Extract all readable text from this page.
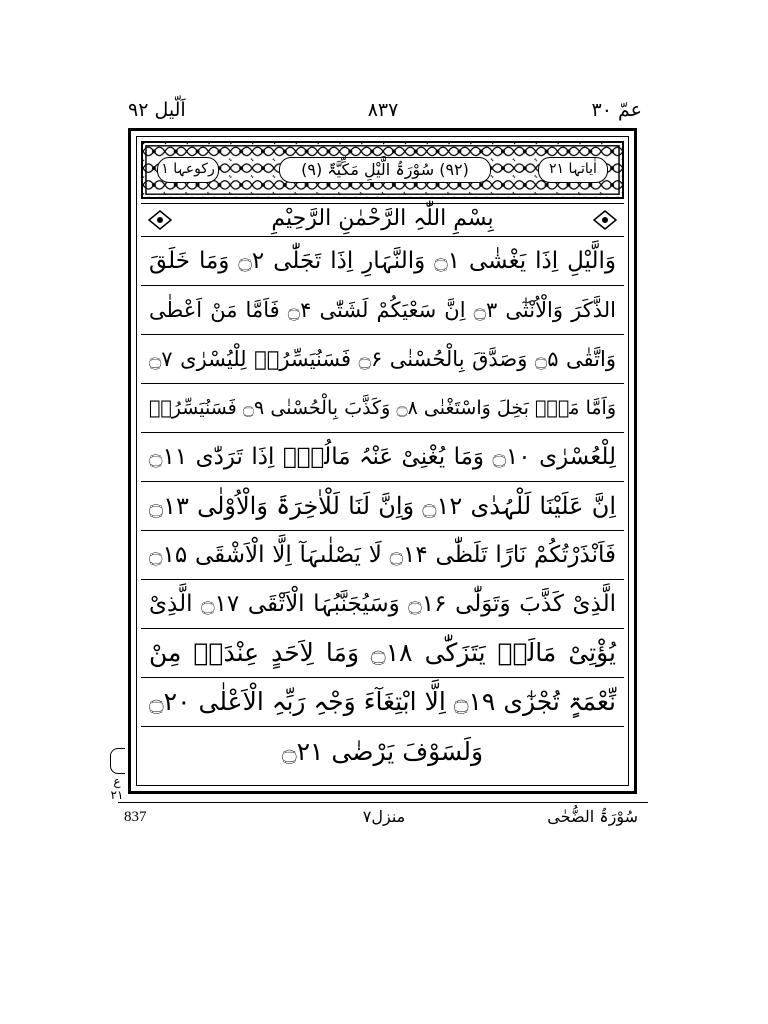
اَلّیل ۹۲	۸۳۷	عمّ ۳۰
رکوعہا ۱	(۹۲) سُوْرَۃُ الَّیْلِ مَکِّیَّۃٌ (۹)	اٰیاتہا ۲۱
بِسْمِ اللّٰہِ الرَّحْمٰنِ الرَّحِیْمِ
وَالَّیْلِ اِذَا یَغْشٰی ۝۱ وَالنَّہَارِ اِذَا تَجَلّٰی ۝۲ وَمَا خَلَقَ
الذَّکَرَ وَالْاُنْثٰٓی ۝۳ اِنَّ سَعْیَکُمْ لَشَتّٰی ۝۴ فَاَمَّا مَنْ اَعْطٰی
وَاتَّقٰی ۝۵ وَصَدَّقَ بِالْحُسْنٰی ۝۶ فَسَنُیَسِّرُہٗ لِلْیُسْرٰی ۝۷
وَاَمَّا مَنْۢ بَخِلَ وَاسْتَغْنٰی ۝۸ وَکَذَّبَ بِالْحُسْنٰی ۝۹ فَسَنُیَسِّرُہٗ
لِلْعُسْرٰی ۝۱۰ وَمَا یُغْنِیْ عَنْہُ مَالُہٗٓ اِذَا تَرَدّٰی ۝۱۱
اِنَّ عَلَیْنَا لَلْہُدٰی ۝۱۲ وَاِنَّ لَنَا لَلْاٰخِرَۃَ وَالْاُوْلٰی ۝۱۳
فَاَنْذَرْتُکُمْ نَارًا تَلَظّٰی ۝۱۴ لَا یَصْلٰىہَآ اِلَّا الْاَشْقَی ۝۱۵
الَّذِیْ کَذَّبَ وَتَوَلّٰی ۝۱۶ وَسَیُجَنَّبُہَا الْاَتْقَی ۝۱۷ الَّذِیْ
یُؤْتِیْ مَالَہٗ یَتَزَکّٰی ۝۱۸ وَمَا لِاَحَدٍ عِنْدَہٗ مِنْ
نِّعْمَۃٍ تُجْزٰٓی ۝۱۹ اِلَّا ابْتِغَآءَ وَجْہِ رَبِّہِ الْاَعْلٰی ۝۲۰
وَلَسَوْفَ یَرْضٰی ۝۲۱
ع ۲۱
837	منزل۷	سُوْرَۃُ الضُّحٰی
